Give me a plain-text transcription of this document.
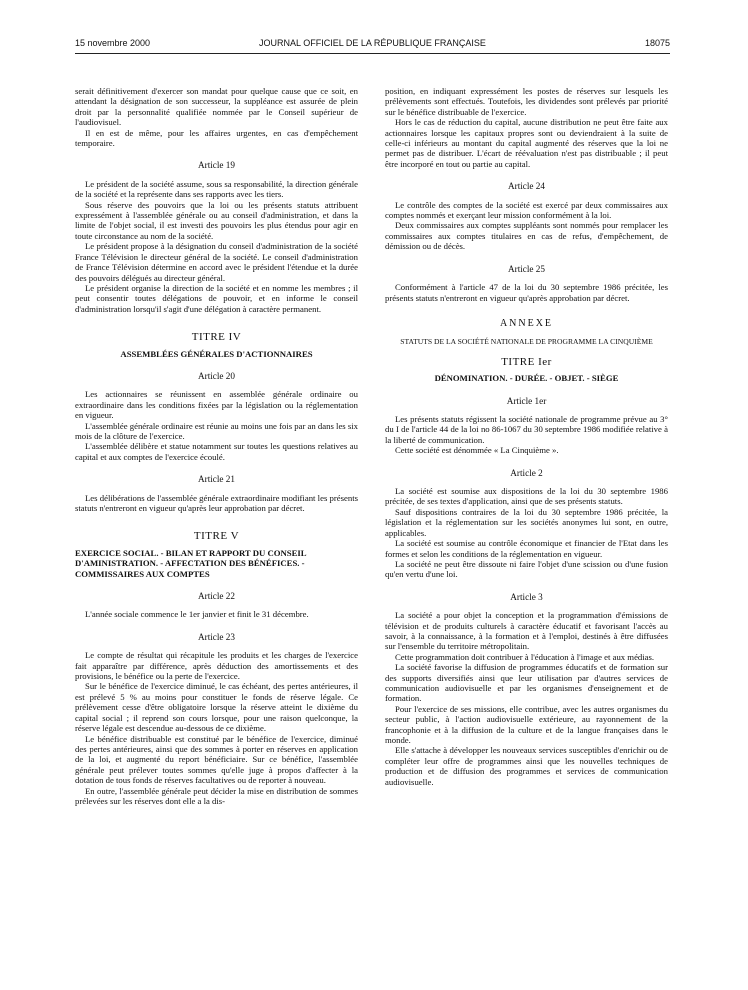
15 novembre 2000	JOURNAL OFFICIEL DE LA RÉPUBLIQUE FRANÇAISE	18075

serait définitivement d'exercer son mandat pour quelque cause que ce soit, en attendant la désignation de son successeur, la suppléance est assurée de plein droit par la personnalité qualifiée nommée par le Conseil supérieur de l'audiovisuel.

Il en est de même, pour les affaires urgentes, en cas d'empêchement temporaire.

Article 19

Le président de la société assume, sous sa responsabilité, la direction générale de la société et la représente dans ses rapports avec les tiers.

Sous réserve des pouvoirs que la loi ou les présents statuts attribuent expressément à l'assemblée générale ou au conseil d'administration, et dans la limite de l'objet social, il est investi des pouvoirs les plus étendus pour agir en toute circonstance au nom de la société.

Le président propose à la désignation du conseil d'administration de la société France Télévision le directeur général de la société. Le conseil d'administration de France Télévision détermine en accord avec le président l'étendue et la durée des pouvoirs délégués au directeur général.

Le président organise la direction de la société et en nomme les membres ; il peut consentir toutes délégations de pouvoir, et en informe le conseil d'administration lorsqu'il s'agit d'une délégation à caractère permanent.

TITRE IV
ASSEMBLÉES GÉNÉRALES D'ACTIONNAIRES
Article 20

Les actionnaires se réunissent en assemblée générale ordinaire ou extraordinaire dans les conditions fixées par la législation ou la réglementation en vigueur.

L'assemblée générale ordinaire est réunie au moins une fois par an dans les six mois de la clôture de l'exercice.

L'assemblée délibère et statue notamment sur toutes les questions relatives au capital et aux comptes de l'exercice écoulé.

Article 21

Les délibérations de l'assemblée générale extraordinaire modifiant les présents statuts n'entreront en vigueur qu'après leur approbation par décret.

TITRE V
EXERCICE SOCIAL. - BILAN ET RAPPORT DU CONSEIL D'AMINISTRATION. - AFFECTATION DES BÉNÉFICES. - COMMISSAIRES AUX COMPTES
Article 22

L'année sociale commence le 1er janvier et finit le 31 décembre.

Article 23

Le compte de résultat qui récapitule les produits et les charges de l'exercice fait apparaître par différence, après déduction des amortissements et des provisions, le bénéfice ou la perte de l'exercice.

Sur le bénéfice de l'exercice diminué, le cas échéant, des pertes antérieures, il est prélevé 5 % au moins pour constituer le fonds de réserve légale. Ce prélèvement cesse d'être obligatoire lorsque la réserve atteint le dixième du capital social ; il reprend son cours lorsque, pour une raison quelconque, la réserve légale est descendue au-dessous de ce dixième.

Le bénéfice distribuable est constitué par le bénéfice de l'exercice, diminué des pertes antérieures, ainsi que des sommes à porter en réserves en application de la loi, et augmenté du report bénéficiaire. Sur ce bénéfice, l'assemblée générale peut prélever toutes sommes qu'elle juge à propos d'affecter à la dotation de tous fonds de réserves facultatives ou de reporter à nouveau.

En outre, l'assemblée générale peut décider la mise en distribution de sommes prélevées sur les réserves dont elle a la dis-

position, en indiquant expressément les postes de réserves sur lesquels les prélèvements sont effectués. Toutefois, les dividendes sont prélevés par priorité sur le bénéfice distribuable de l'exercice.

Hors le cas de réduction du capital, aucune distribution ne peut être faite aux actionnaires lorsque les capitaux propres sont ou deviendraient à la suite de celle-ci inférieurs au montant du capital augmenté des réserves que la loi ne permet pas de distribuer. L'écart de réévaluation n'est pas distribuable ; il peut être incorporé en tout ou partie au capital.

Article 24

Le contrôle des comptes de la société est exercé par deux commissaires aux comptes nommés et exerçant leur mission conformément à la loi.

Deux commissaires aux comptes suppléants sont nommés pour remplacer les commissaires aux comptes titulaires en cas de refus, d'empêchement, de démission ou de décès.

Article 25

Conformément à l'article 47 de la loi du 30 septembre 1986 précitée, les présents statuts n'entreront en vigueur qu'après approbation par décret.

ANNEXE
STATUTS DE LA SOCIÉTÉ NATIONALE DE PROGRAMME LA CINQUIÈME
TITRE Ier
DÉNOMINATION. - DURÉE. - OBJET. - SIÈGE
Article 1er

Les présents statuts régissent la société nationale de programme prévue au 3° du I de l'article 44 de la loi no 86-1067 du 30 septembre 1986 modifiée relative à la liberté de communication.

Cette société est dénommée « La Cinquième ».

Article 2

La société est soumise aux dispositions de la loi du 30 septembre 1986 précitée, de ses textes d'application, ainsi que de ses présents statuts.

Sauf dispositions contraires de la loi du 30 septembre 1986 précitée, la législation et la réglementation sur les sociétés anonymes lui sont, en outre, applicables.

La société est soumise au contrôle économique et financier de l'Etat dans les formes et selon les conditions de la réglementation en vigueur.

La société ne peut être dissoute ni faire l'objet d'une scission ou d'une fusion qu'en vertu d'une loi.

Article 3

La société a pour objet la conception et la programmation d'émissions de télévision et de produits culturels à caractère éducatif et favorisant l'accès au savoir, à la connaissance, à la formation et à l'emploi, destinés à être diffusées sur l'ensemble du territoire métropolitain.

Cette programmation doit contribuer à l'éducation à l'image et aux médias.

La société favorise la diffusion de programmes éducatifs et de formation sur des supports diversifiés ainsi que leur utilisation par d'autres services de communication audiovisuelle et par les organismes d'enseignement et de formation.

Pour l'exercice de ses missions, elle contribue, avec les autres organismes du secteur public, à l'action audiovisuelle extérieure, au rayonnement de la francophonie et à la diffusion de la culture et de la langue françaises dans le monde.

Elle s'attache à développer les nouveaux services susceptibles d'enrichir ou de compléter leur offre de programmes ainsi que les nouvelles techniques de production et de diffusion des programmes et services de communication audiovisuelle.
